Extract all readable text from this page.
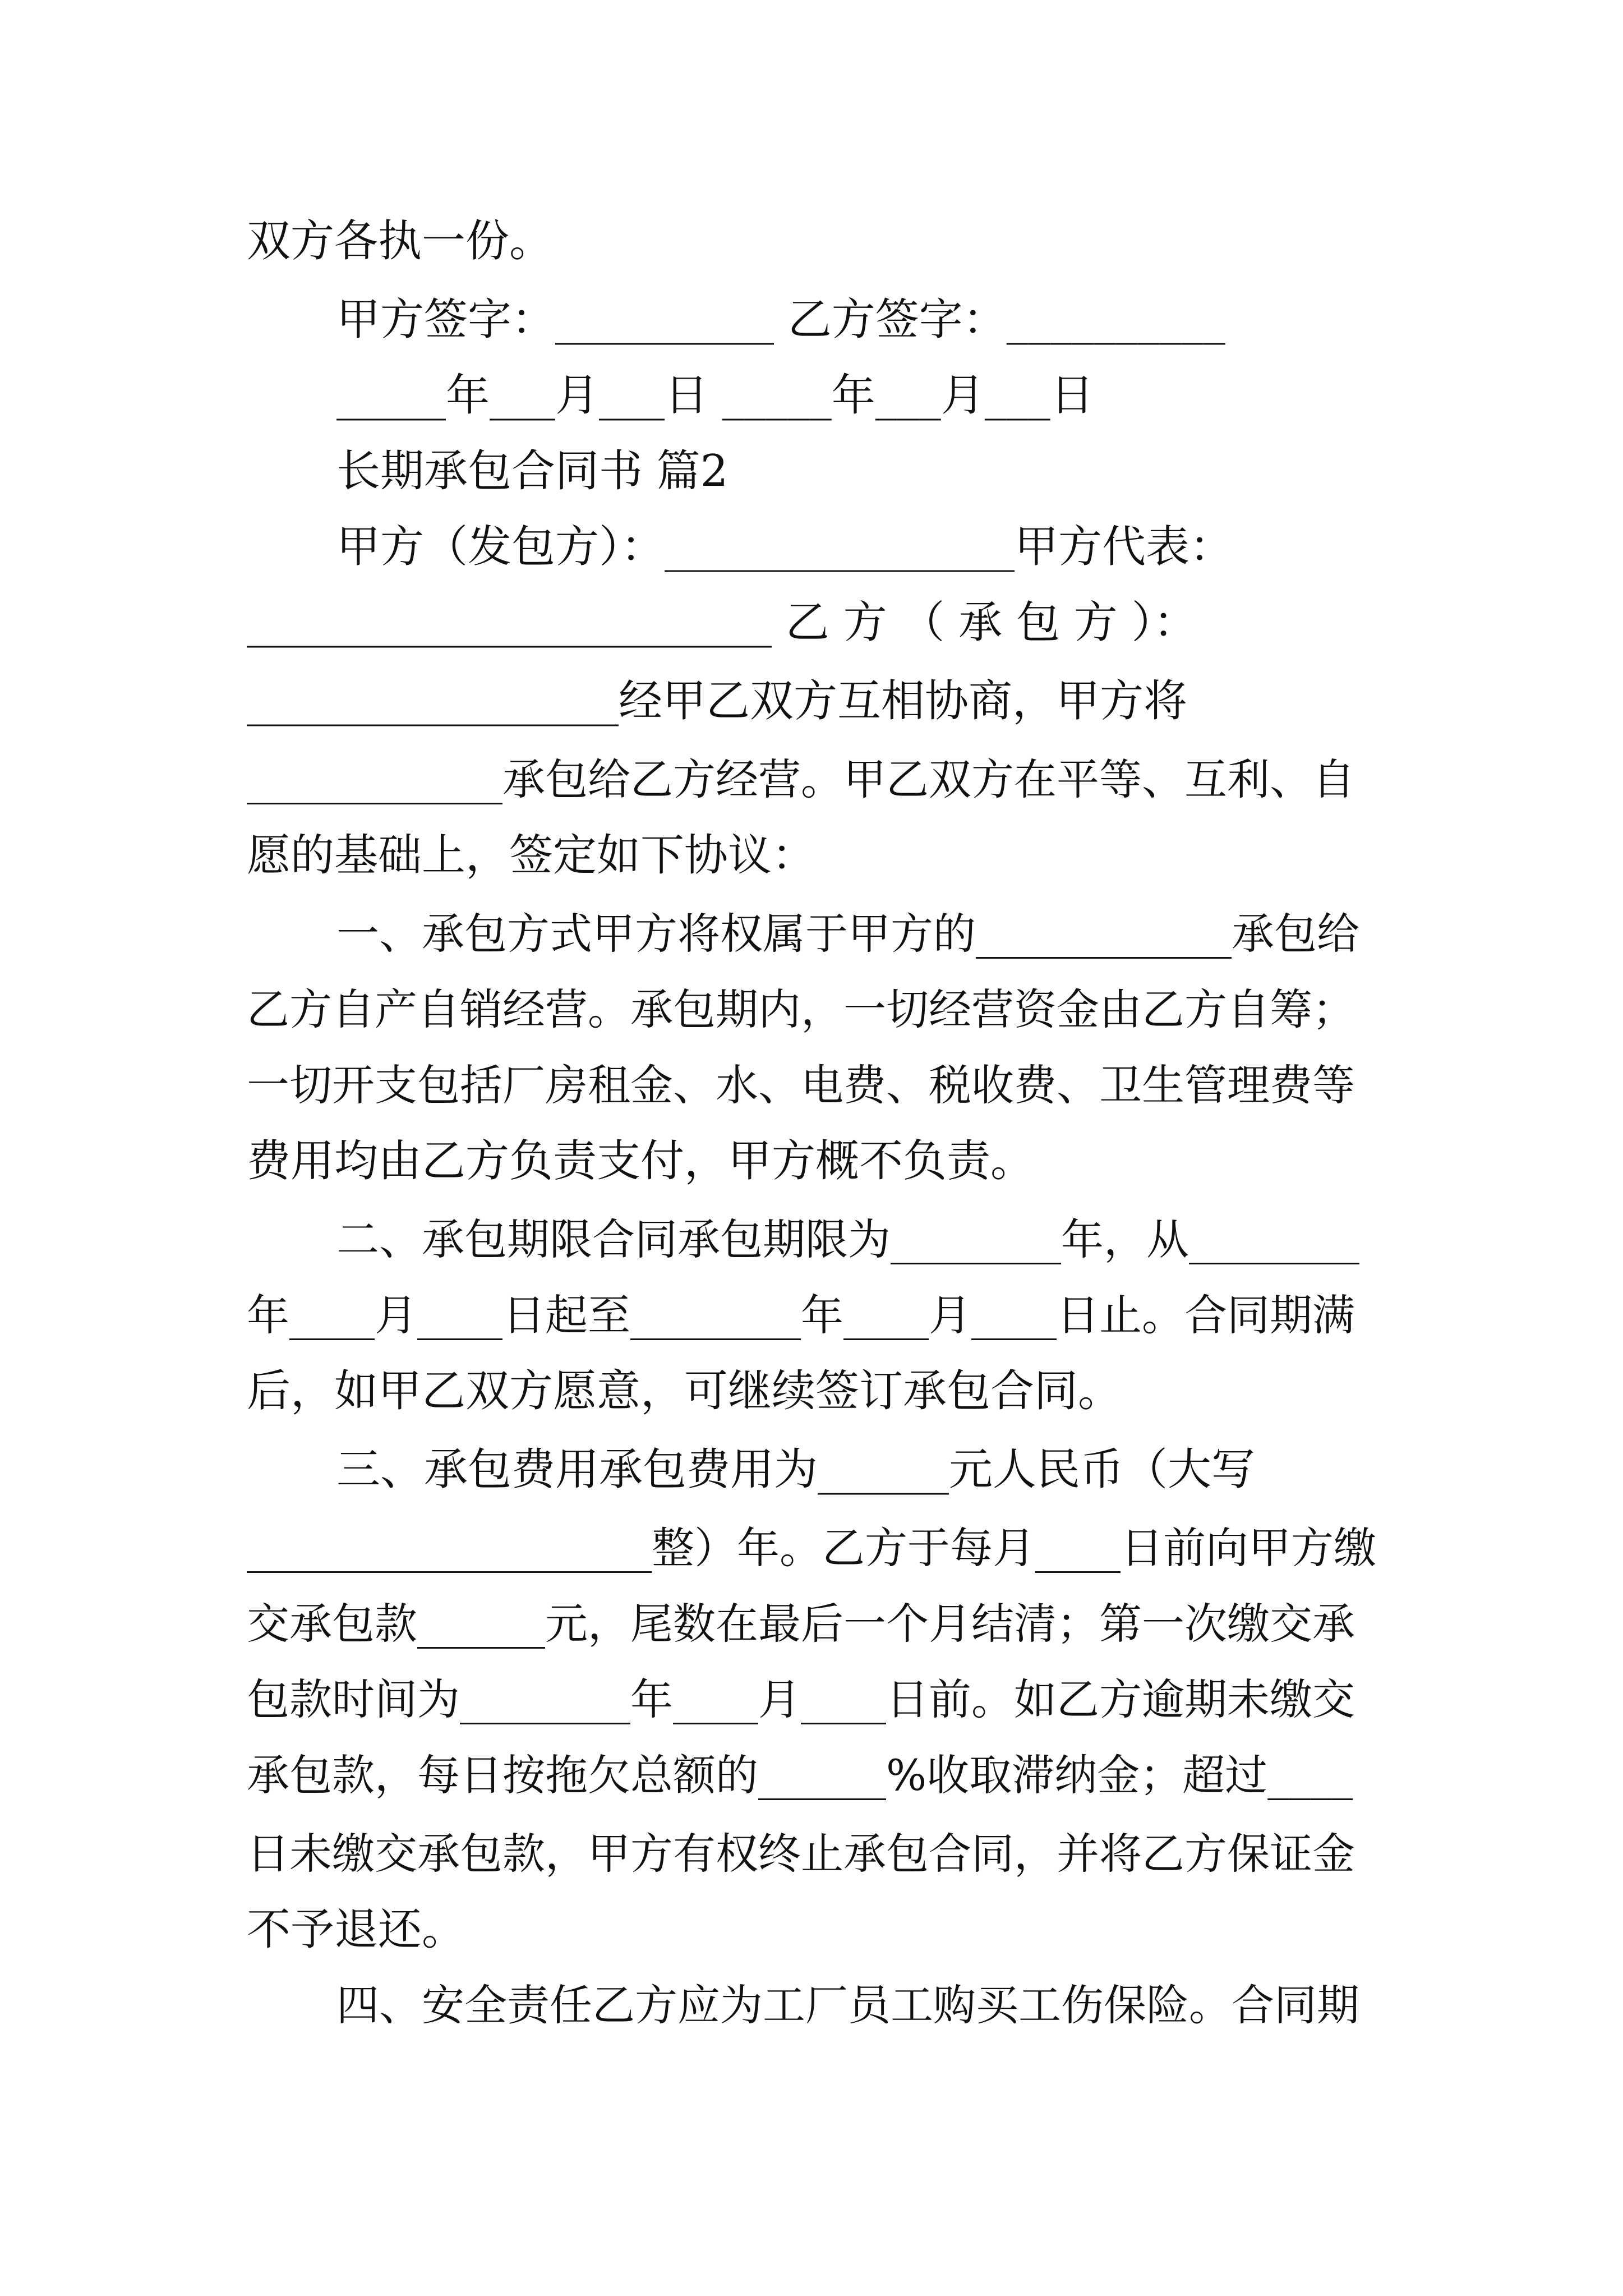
双方各执一份。
甲方签字：__________ 乙方签字：__________
_____年___月___日 _____年___月___日
长期承包合同书 篇2
甲方（发包方）：________________甲方代表：
________________________ 乙 方 （ 承 包 方 ）：
_________________经甲乙双方互相协商，甲方将
____________承包给乙方经营。甲乙双方在平等、互利、自
愿的基础上，签定如下协议：
一、承包方式甲方将权属于甲方的____________承包给
乙方自产自销经营。承包期内，一切经营资金由乙方自筹；
一切开支包括厂房租金、水、电费、税收费、卫生管理费等
费用均由乙方负责支付，甲方概不负责。
二、承包期限合同承包期限为________年，从________
年____月____日起至________年____月____日止。合同期满
后，如甲乙双方愿意，可继续签订承包合同。
三、承包费用承包费用为______元人民币（大写
___________________整）年。乙方于每月____日前向甲方缴
交承包款______元，尾数在最后一个月结清；第一次缴交承
包款时间为________年____月____日前。如乙方逾期未缴交
承包款，每日按拖欠总额的______%收取滞纳金；超过____
日未缴交承包款，甲方有权终止承包合同，并将乙方保证金
不予退还。
四、安全责任乙方应为工厂员工购买工伤保险。合同期
